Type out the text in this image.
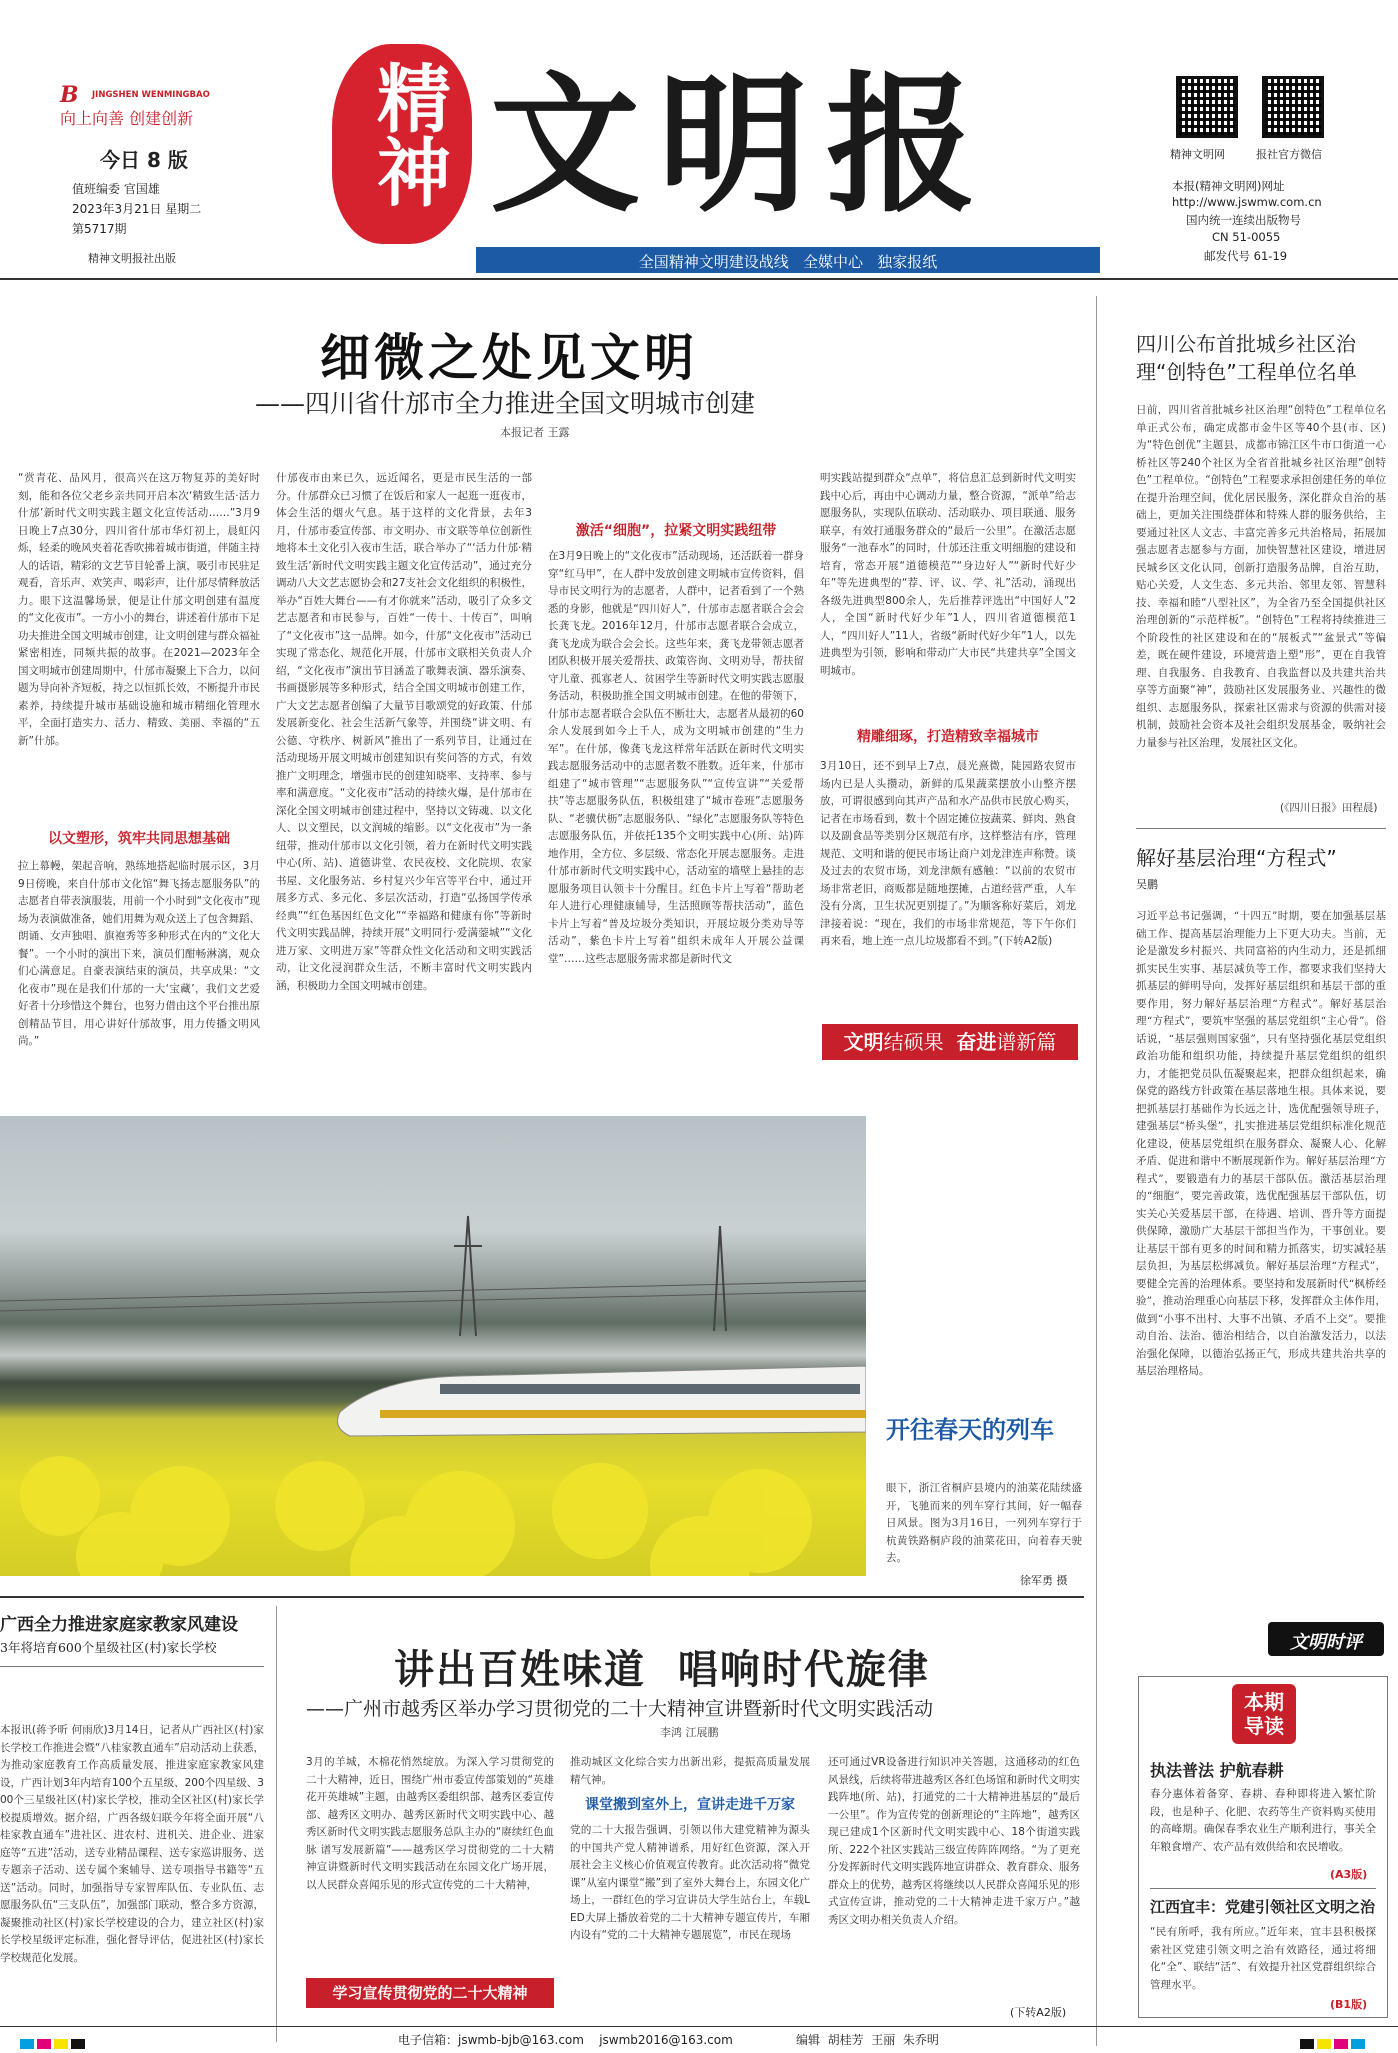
B JINGSHEN WENMINGBAO
向上向善 创建创新
今日 8 版
值班编委 官国雄
2023年3月21日 星期二
第5717期
精神文明报社出版
精神 文明报
全国精神文明建设战线   全媒中心   独家报纸
精神文明网	报社官方微信
本报(精神文明网)网址
http://www.jswmw.com.cn
国内统一连续出版物号
CN 51-0055
邮发代号 61-19
细微之处见文明
——四川省什邡市全力推进全国文明城市创建
本报记者 王露
“赏青花、品风月，很高兴在这万物复苏的美好时刻，能和各位父老乡亲共同开启本次‘精致生活·活力什邡’新时代文明实践主题文化宣传活动……”3月9日晚上7点30分，四川省什邡市华灯初上，晨虹闪烁，轻柔的晚风夹着花香吹拂着城市街道，伴随主持人的话语，精彩的文艺节目轮番上演，吸引市民驻足观看，音乐声、欢笑声、喝彩声，让什邡尽情释放活力。眼下这温馨场景，便是让什邡文明创建有温度的“文化夜市”。一方小小的舞台，讲述着什邡市下足功夫推进全国文明城市创建，让文明创建与群众福祉紧密相连，同频共振的故事。在2021—2023年全国文明城市创建周期中，什邡市凝聚上下合力，以问题为导向补齐短板，持之以恒抓长效，不断提升市民素养，持续提升城市基础设施和城市精细化管理水平，全面打造实力、活力、精致、美丽、幸福的“五新”什邡。
以文塑形，筑牢共同思想基础
拉上幕幔，架起音响，熟练地搭起临时展示区，3月9日傍晚，来自什邡市文化馆“舞飞扬志愿服务队”的志愿者自带表演服装，用前一个小时到“文化夜市”现场为表演做准备，她们用舞为观众送上了包含舞蹈、朗诵、女声独唱、旗袍秀等多种形式在内的“文化大餐”。一个小时的演出下来，演员们酣畅淋漓，观众们心满意足。自豪表演结束的演员，共享成果：“文化夜市”现在是我们什邡的一大‘宝藏’，我们文艺爱好者十分珍惜这个舞台，也努力借由这个平台推出原创精品节目，用心讲好什邡故事，用力传播文明风尚。”
什邡夜市由来已久，远近闻名，更是市民生活的一部分。什邡群众已习惯了在饭后和家人一起逛一逛夜市，体会生活的烟火气息。基于这样的文化背景，去年3月，什邡市委宣传部、市文明办、市文联等单位创新性地将本土文化引入夜市生活，联合举办了“‘活力什邡·精致生活’新时代文明实践主题文化宣传活动”，通过充分调动八大文艺志愿协会和27支社会文化组织的积极性，举办“百姓大舞台——有才你就来”活动，吸引了众多文艺志愿者和市民参与，百姓“一传十、十传百”，叫响了“文化夜市”这一品牌。如今，什邡“文化夜市”活动已实现了常态化、规范化开展，什邡市文联相关负责人介绍，“文化夜市”演出节目涵盖了歌舞表演、器乐演奏、书画摄影展等多种形式，结合全国文明城市创建工作，广大文艺志愿者创编了大量节目歌颂党的好政策、什邡发展新变化、社会生活新气象等，并围绕“讲文明、有公德、守秩序、树新风”推出了一系列节目，让通过在活动现场开展文明城市创建知识有奖问答的方式，有效推广文明理念，增强市民的创建知晓率、支持率、参与率和满意度。“文化夜市”活动的持续火爆，是什邡市在深化全国文明城市创建过程中，坚持以文铸魂、以文化人、以文塑民，以文润城的缩影。以“文化夜市”为一条纽带，推动什邡市以文化引领，着力在新时代文明实践中心(所、站)、道德讲堂、农民夜校、文化院坝、农家书屋、文化服务站、乡村复兴少年宫等平台中，通过开展多方式、多元化、多层次活动，打造“弘扬国学传承经典”“红色基因红色文化”“幸福路和健康有你”等新时代文明实践品牌，持续开展“文明同行·爱满蓥城”“文化进万家、文明进万家”等群众性文化活动和文明实践活动，让文化浸润群众生活，不断丰富时代文明实践内涵，积极助力全国文明城市创建。
激活“细胞”，拉紧文明实践纽带
在3月9日晚上的“文化夜市”活动现场，还活跃着一群身穿“红马甲”，在人群中发放创建文明城市宣传资料，倡导市民文明行为的志愿者，人群中，记者看到了一个熟悉的身影，他就是“四川好人”，什邡市志愿者联合会会长龚飞龙。2016年12月，什邡市志愿者联合会成立，龚飞龙成为联合会会长。这些年来，龚飞龙带领志愿者团队积极开展关爱帮扶、政策咨询、文明劝导，帮扶留守儿童、孤寡老人、贫困学生等新时代文明实践志愿服务活动，积极助推全国文明城市创建。在他的带领下，什邡市志愿者联合会队伍不断壮大，志愿者从最初的60余人发展到如今上千人，成为文明城市创建的“生力军”。在什邡，像龚飞龙这样常年活跃在新时代文明实践志愿服务活动中的志愿者数不胜数。近年来，什邡市组建了“城市管理”“志愿服务队”“宣传宣讲”“关爱帮扶”等志愿服务队伍，积极组建了“城市卷班”志愿服务队、“老骥伏枥”志愿服务队、“绿化”志愿服务队等特色志愿服务队伍，并依托135个文明实践中心(所、站)阵地作用，全方位、多层级、常态化开展志愿服务。走进什邡市新时代文明实践中心，活动室的墙壁上悬挂的志愿服务项目认领卡十分醒目。红色卡片上写着“帮助老年人进行心理健康辅导，生活照顾等帮扶活动”，蓝色卡片上写着“普及垃圾分类知识，开展垃圾分类劝导等活动”，紫色卡片上写着“组织未成年人开展公益课堂”……这些志愿服务需求都是新时代文
明实践站提到群众“点单”，将信息汇总到新时代文明实践中心后，再由中心调动力量，整合资源，“派单”给志愿服务队，实现队伍联动、活动联办、项目联通、服务联享，有效打通服务群众的“最后一公里”。在激活志愿服务“一池春水”的同时，什邡还注重文明细胞的建设和培育，常态开展“道德模范”“身边好人”“新时代好少年”等先进典型的“荐、评、议、学、礼”活动，涌现出各级先进典型800余人，先后推荐评选出“中国好人”2人，全国“新时代好少年”1人，四川省道德模范1人，“四川好人”11人，省级“新时代好少年”1人，以先进典型为引领，影响和带动广大市民“共建共享”全国文明城市。
精雕细琢，打造精致幸福城市
3月10日，还不到早上7点，晨光熹微，陡园路农贸市场内已是人头攒动，新鲜的瓜果蔬菜摆放小山整齐摆放，可谓很感到向其声产品和水产品供市民放心购买，记者在市场看到，数十个固定摊位按蔬菜、鲜肉、熟食以及副食品等类别分区规范有序，这样整洁有序，管理规范、文明和谐的便民市场让商户刘龙津连声称赞。谈及过去的农贸市场，刘龙津颇有感触：“以前的农贸市场非常老旧，商贩都是随地摆摊，占道经营严重，人车没有分离，卫生状况更别提了。”为顺客称好菜后，刘龙津接着说：“现在，我们的市场非常规范，等下午你们再来看，地上连一点儿垃圾都看不到。”(下转A2版)
文明结硕果 奋进谱新篇
四川公布首批城乡社区治理“创特色”工程单位名单
日前，四川省首批城乡社区治理“创特色”工程单位名单正式公布，确定成都市金牛区等40个县(市、区)为“特色创优”主题县，成都市锦江区牛市口街道一心桥社区等240个社区为全省首批城乡社区治理“创特色”工程单位。“创特色”工程要求承担创建任务的单位在提升治理空间，优化居民服务，深化群众自治的基础上，更加关注围绕群体和特殊人群的服务供给，主要通过社区人文志、丰富完善多元共治格局，拓展加强志愿者志愿参与方面，加快智慧社区建设，增进居民城乡区文化认同，创新打造服务品牌，自治互助，贴心关爱，人文生态、多元共治、邻里友邻、智慧科技、幸福和睦“八型社区”，为全省乃至全国提供社区治理创新的“示范样板”。“创特色”工程将持续推进三个阶段性的社区建设和在的“展板式”“盆景式”等偏差，既在硬件建设，环境营造上塑“形”，更在自我管理、自我服务、自我教育、自我监督以及共建共治共享等方面聚“神”，鼓励社区发展服务业、兴趣性的微组织、志愿服务队，探索社区需求与资源的供需对接机制，鼓励社会资本及社会组织发展基金，吸纳社会力量参与社区治理，发展社区文化。
(《四川日报》田程晨)
解好基层治理“方程式”
吴鹏
习近平总书记强调，“十四五”时期，要在加强基层基础工作、提高基层治理能力上下更大功夫。当前，无论是激发乡村振兴、共同富裕的内生动力，还是抓细抓实民生实事、基层减负等工作，都要求我们坚持大抓基层的鲜明导向，发挥好基层组织和基层干部的重要作用，努力解好基层治理“方程式”。解好基层治理“方程式”，要筑牢坚强的基层党组织“主心骨”。俗话说，“基层强则国家强”，只有坚持强化基层党组织政治功能和组织功能，持续提升基层党组织的组织力，才能把党员队伍凝聚起来，把群众组织起来，确保党的路线方针政策在基层落地生根。具体来说，要把抓基层打基础作为长远之计，选优配强领导班子，建强基层“桥头堡”，扎实推进基层党组织标准化规范化建设，使基层党组织在服务群众、凝聚人心、化解矛盾、促进和谐中不断展现新作为。解好基层治理“方程式”，要锻造有力的基层干部队伍。激活基层治理的“细胞”，要完善政策，选优配强基层干部队伍，切实关心关爱基层干部，在待遇、培训、晋升等方面提供保障，激励广大基层干部担当作为，干事创业。要让基层干部有更多的时间和精力抓落实，切实减轻基层负担，为基层松绑减负。解好基层治理“方程式”，要健全完善的治理体系。要坚持和发展新时代“枫桥经验”，推动治理重心向基层下移，发挥群众主体作用，做到“小事不出村、大事不出镇、矛盾不上交”。要推动自治、法治、德治相结合，以自治激发活力，以法治强化保障，以德治弘扬正气，形成共建共治共享的基层治理格局。
文明时评
开往春天的列车
眼下，浙江省桐庐县境内的油菜花陆续盛开，飞驰而来的列车穿行其间，好一幅春日风景。图为3月16日，一列列车穿行于杭黄铁路桐庐段的油菜花田，向着春天驶去。
徐军勇 摄
广西全力推进家庭家教家风建设
3年将培育600个星级社区(村)家长学校
本报讯(蒋予昕 何雨欣)3月14日，记者从广西社区(村)家长学校工作推进会暨“八桂家教直通车”启动活动上获悉，为推动家庭教育工作高质量发展，推进家庭家教家风建设，广西计划3年内培育100个五星级、200个四星级、300个三星级社区(村)家长学校，推动全区社区(村)家长学校提质增效。据介绍，广西各级妇联今年将全面开展“八桂家教直通车”进社区、进农村、进机关、进企业、进家庭等“五进”活动，送专业精品课程、送专家巡讲服务、送专题亲子活动、送专属个案辅导、送专项指导书籍等“五送”活动。同时，加强指导专家智库队伍、专业队伍、志愿服务队伍“三支队伍”，加强部门联动，整合多方资源，凝聚推动社区(村)家长学校建设的合力，建立社区(村)家长学校星级评定标准，强化督导评估，促进社区(村)家长学校规范化发展。
讲出百姓味道  唱响时代旋律
——广州市越秀区举办学习贯彻党的二十大精神宣讲暨新时代文明实践活动
李鸿 江展鹏
3月的羊城，木棉花悄然绽放。为深入学习贯彻党的二十大精神，近日，围绕广州市委宣传部策划的“英雄花开英雄城”主题，由越秀区委组织部、越秀区委宣传部、越秀区文明办、越秀区新时代文明实践中心、越秀区新时代文明实践志愿服务总队主办的“赓续红色血脉 谱写发展新篇”——越秀区学习贯彻党的二十大精神宣讲暨新时代文明实践活动在东园文化广场开展，以人民群众喜闻乐见的形式宣传党的二十大精神，
学习宣传贯彻党的二十大精神
推动城区文化综合实力出新出彩，提振高质量发展精气神。
课堂搬到室外上，宣讲走进千万家
党的二十大报告强调，引领以伟大建党精神为源头的中国共产党人精神谱系，用好红色资源，深入开展社会主义核心价值观宣传教育。此次活动将“微党课”从室内课堂“搬”到了室外大舞台上，东园文化广场上，一群红色的学习宣讲员大学生站台上，车载LED大屏上播放着党的二十大精神专题宣传片，车厢内设有“党的二十大精神专题展览”，市民在现场
还可通过VR设备进行知识冲关答题，这通移动的红色风景线，后续将带进越秀区各红色场馆和新时代文明实践阵地(所、站)，打通党的二十大精神进基层的“最后一公里”。作为宣传党的创新理论的“主阵地”，越秀区现已建成1个区新时代文明实践中心、18个街道实践所、222个社区实践站三级宣传阵阵网络。“为了更充分发挥新时代文明实践阵地宣讲群众、教育群众、服务群众上的优势，越秀区将继续以人民群众喜闻乐见的形式宣传宣讲，推动党的二十大精神走进千家万户。”越秀区文明办相关负责人介绍。
(下转A2版)
本期导读
执法普法 护航春耕
春分惠体着备穿、春耕、春种即将进入繁忙阶段，也是种子、化肥、农药等生产资料购买使用的高峰期。确保春季农业生产顺利进行，事关全年粮食增产、农产品有效供给和农民增收。
(A3版)
江西宜丰：党建引领社区文明之治
“民有所呼，我有所应。”近年来，宜丰县积极探索社区党建引领文明之治有效路径，通过将细化“全”、联结“活”、有效提升社区党群组织综合管理水平。
(B1版)
电子信箱：jswmb-bjb@163.com    jswmb2016@163.com	编辑  胡桂芳  王丽  朱乔明
